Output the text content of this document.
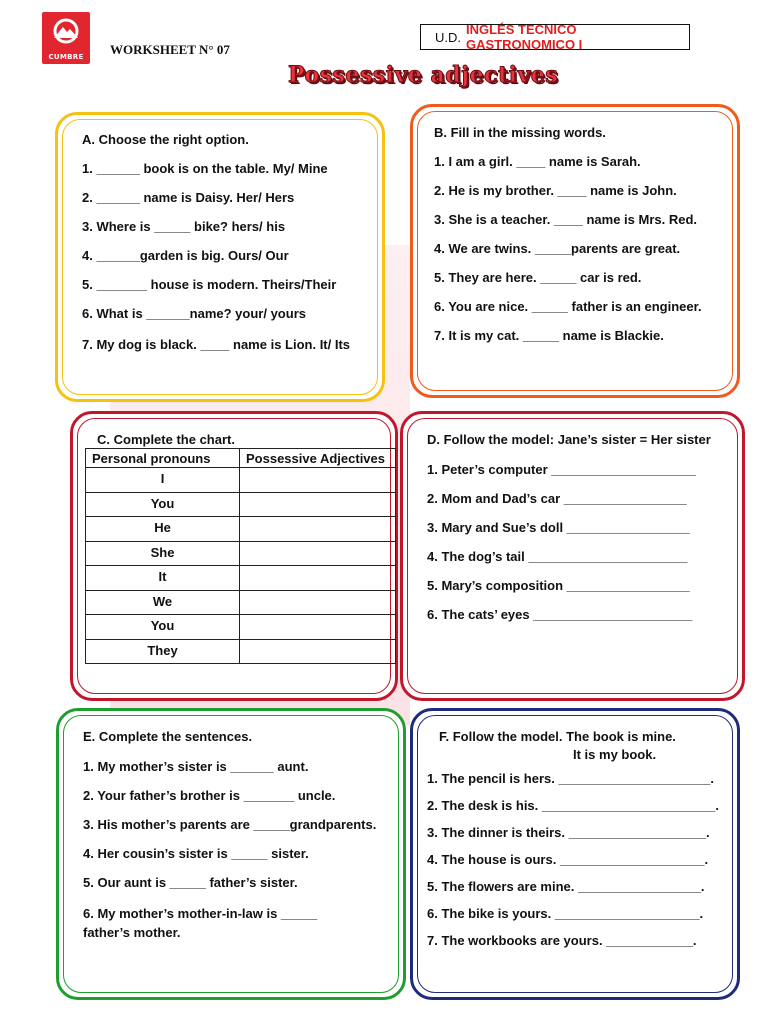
CUMBRE	WORKSHEET N° 07
U.D. INGLÉS TECNICO GASTRONOMICO I
Possessive adjectives
A. Choose the right option.
1. ______ book is on the table. My/ Mine
2. ______ name is Daisy. Her/ Hers
3. Where is _____ bike? hers/ his
4. ______garden is big. Ours/ Our
5. _______ house is modern. Theirs/Their
6. What is ______name? your/ yours
7. My dog is black. ____ name is Lion. It/ Its
B. Fill in the missing words.
1. I am a girl. ____ name is Sarah.
2. He is my brother. ____ name is John.
3. She is a teacher. ____ name is Mrs. Red.
4. We are twins. _____parents are great.
5. They are here. _____ car is red.
6. You are nice. _____ father is an engineer.
7. It is my cat. _____ name is Blackie.
C. Complete the chart.
Personal pronouns	Possessive Adjectives
I	
You	
He	
She	
It	
We	
You	
They	
D. Follow the model: Jane’s sister = Her sister
1. Peter’s computer ____________________
2. Mom and Dad’s car _________________
3. Mary and Sue’s doll _________________
4. The dog’s tail ______________________
5. Mary’s composition _________________
6. The cats’ eyes ______________________
E. Complete the sentences.
1. My mother’s sister is ______ aunt.
2. Your father’s brother is _______ uncle.
3. His mother’s parents are _____grandparents.
4. Her cousin’s sister is _____ sister.
5. Our aunt is _____ father’s sister.
6. My mother’s mother-in-law is _____ father’s mother.
F. Follow the model. The book is mine.
It is my book.
1. The pencil is hers. _____________________.
2. The desk is his. ________________________.
3. The dinner is theirs. ___________________.
4. The house is ours. ____________________.
5. The flowers are mine. _________________.
6. The bike is yours. ____________________.
7. The workbooks are yours. ____________.
